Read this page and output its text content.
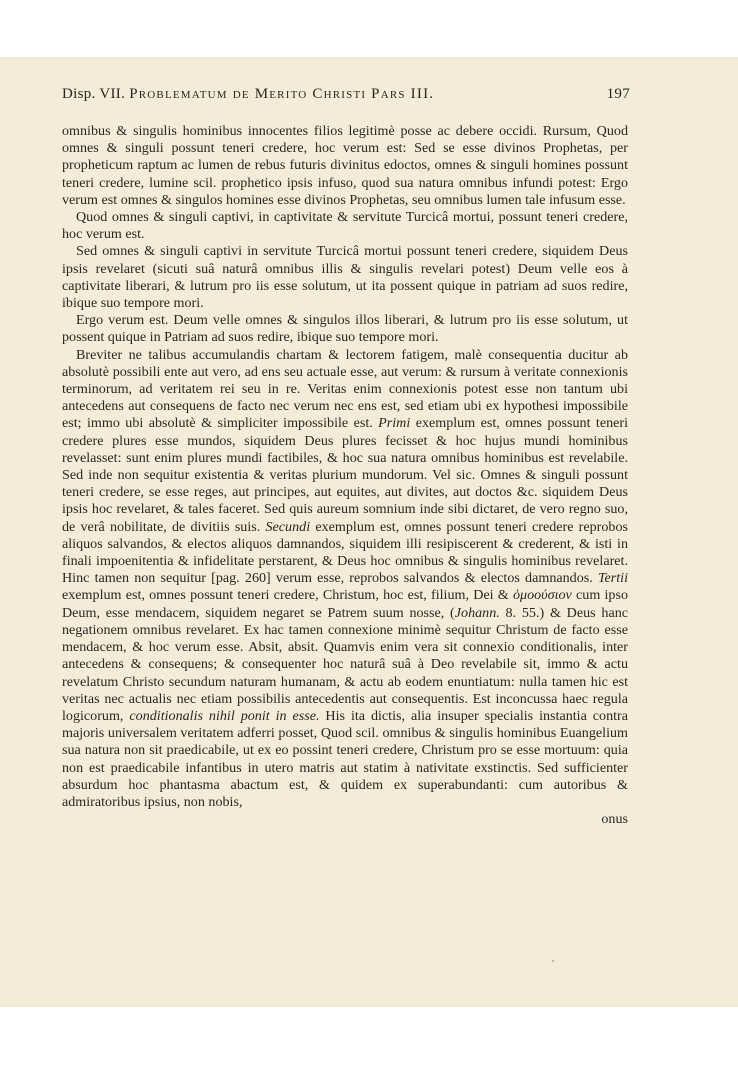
Disp. VII. Problematum de Merito Christi Pars III.	197

omnibus & singulis hominibus innocentes filios legitimè posse ac debere occidi. Rursum, Quod omnes & singuli possunt teneri credere, hoc verum est: Sed se esse divinos Prophetas, per propheticum raptum ac lumen de rebus futuris divinitus edoctos, omnes & singuli homines possunt teneri credere, lumine scil. prophetico ipsis infuso, quod sua natura omnibus infundi potest: Ergo verum est omnes & singulos homines esse divinos Prophetas, seu omnibus lumen tale infusum esse.

Quod omnes & singuli captivi, in captivitate & servitute Turcicâ mortui, possunt teneri credere, hoc verum est.

Sed omnes & singuli captivi in servitute Turcicâ mortui possunt teneri credere, siquidem Deus ipsis revelaret (sicuti suâ naturâ omnibus illis & singulis revelari potest) Deum velle eos à captivitate liberari, & lutrum pro iis esse solutum, ut ita possent quique in patriam ad suos redire, ibique suo tempore mori.

Ergo verum est. Deum velle omnes & singulos illos liberari, & lutrum pro iis esse solutum, ut possent quique in Patriam ad suos redire, ibique suo tempore mori.

Breviter ne talibus accumulandis chartam & lectorem fatigem, malè consequentia ducitur ab absolutè possibili ente aut vero, ad ens seu actuale esse, aut verum: & rursum à veritate connexionis terminorum, ad veritatem rei seu in re. Veritas enim connexionis potest esse non tantum ubi antecedens aut consequens de facto nec verum nec ens est, sed etiam ubi ex hypothesi impossibile est; immo ubi absolutè & simpliciter impossibile est. Primi exemplum est, omnes possunt teneri credere plures esse mundos, siquidem Deus plures fecisset & hoc hujus mundi hominibus revelasset: sunt enim plures mundi factibiles, & hoc sua natura omnibus hominibus est revelabile. Sed inde non sequitur existentia & veritas plurium mundorum. Vel sic. Omnes & singuli possunt teneri credere, se esse reges, aut principes, aut equites, aut divites, aut doctos &c. siquidem Deus ipsis hoc revelaret, & tales faceret. Sed quis aureum somnium inde sibi dictaret, de vero regno suo, de verâ nobilitate, de divitiis suis. Secundi exemplum est, omnes possunt teneri credere reprobos aliquos salvandos, & electos aliquos damnandos, siquidem illi resipiscerent & crederent, & isti in finali impoenitentia & infidelitate perstarent, & Deus hoc omnibus & singulis hominibus revelaret. Hinc tamen non sequitur [pag. 260] verum esse, reprobos salvandos & electos damnandos. Tertii exemplum est, omnes possunt teneri credere, Christum, hoc est, filium, Dei & ὁμοούσιον cum ipso Deum, esse mendacem, siquidem negaret se Patrem suum nosse, (Johann. 8. 55.) & Deus hanc negationem omnibus revelaret. Ex hac tamen connexione minimè sequitur Christum de facto esse mendacem, & hoc verum esse. Absit, absit. Quamvis enim vera sit connexio conditionalis, inter antecedens & consequens; & consequenter hoc naturâ suâ à Deo revelabile sit, immo & actu revelatum Christo secundum naturam humanam, & actu ab eodem enuntiatum: nulla tamen hic est veritas nec actualis nec etiam possibilis antecedentis aut consequentis. Est inconcussa haec regula logicorum, conditionalis nihil ponit in esse. His ita dictis, alia insuper specialis instantia contra majoris universalem veritatem adferri posset, Quod scil. omnibus & singulis hominibus Euangelium sua natura non sit praedicabile, ut ex eo possint teneri credere, Christum pro se esse mortuum: quia non est praedicabile infantibus in utero matris aut statim à nativitate exstinctis. Sed sufficienter absurdum hoc phantasma abactum est, & quidem ex superabundanti: cum autoribus & admiratoribus ipsius, non nobis,

onus
